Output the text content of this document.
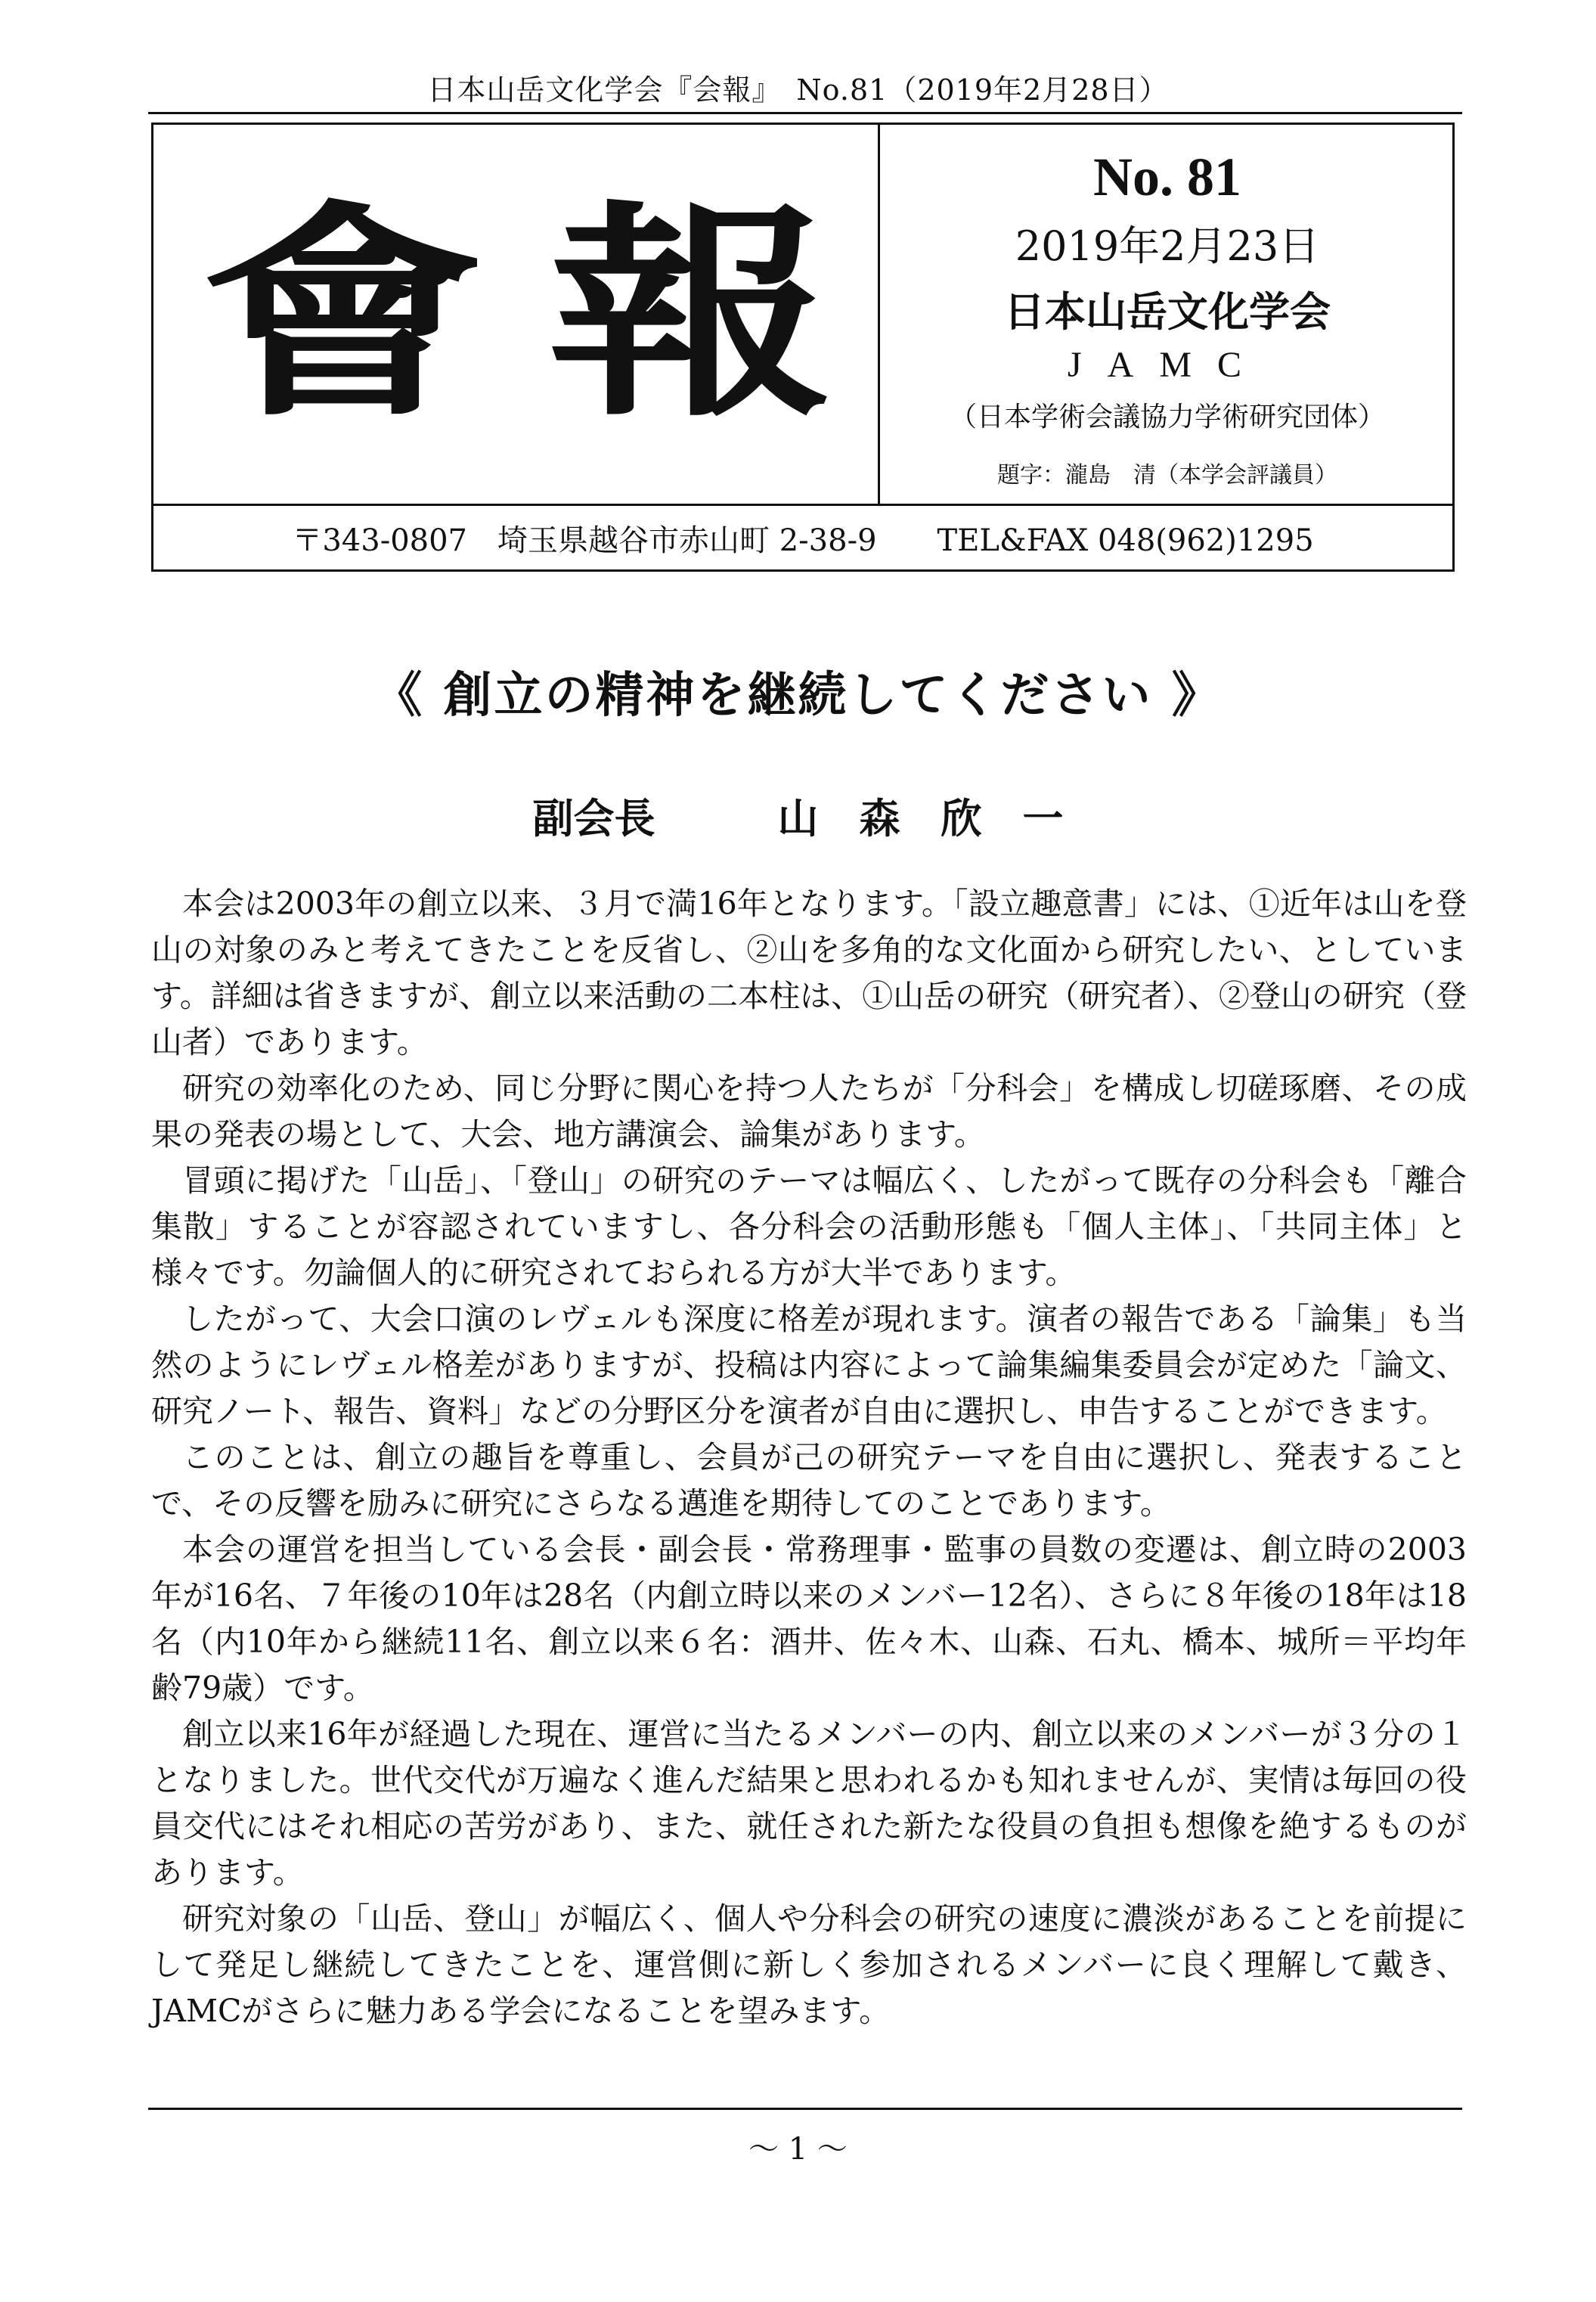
日本山岳文化学会『会報』　No.81（2019年2月28日）
會 報
No. 81
2019年2月23日
日本山岳文化学会
JAMC
（日本学術会議協力学術研究団体）
題字：瀧島　清（本学会評議員）
〒343-0807　埼玉県越谷市赤山町 2-38-9　　TEL&FAX 048(962)1295
《 創立の精神を継続してください 》
副会長　　　山　森　欣　一

本会は2003年の創立以来、３月で満16年となります。「設立趣意書」には、①近年は山を登山の対象のみと考えてきたことを反省し、②山を多角的な文化面から研究したい、としています。詳細は省きますが、創立以来活動の二本柱は、①山岳の研究（研究者）、②登山の研究（登山者）であります。

研究の効率化のため、同じ分野に関心を持つ人たちが「分科会」を構成し切磋琢磨、その成果の発表の場として、大会、地方講演会、論集があります。

冒頭に掲げた「山岳」、「登山」の研究のテーマは幅広く、したがって既存の分科会も「離合集散」することが容認されていますし、各分科会の活動形態も「個人主体」、「共同主体」と様々です。勿論個人的に研究されておられる方が大半であります。

したがって、大会口演のレヴェルも深度に格差が現れます。演者の報告である「論集」も当然のようにレヴェル格差がありますが、投稿は内容によって論集編集委員会が定めた「論文、研究ノート、報告、資料」などの分野区分を演者が自由に選択し、申告することができます。

このことは、創立の趣旨を尊重し、会員が己の研究テーマを自由に選択し、発表することで、その反響を励みに研究にさらなる邁進を期待してのことであります。

本会の運営を担当している会長・副会長・常務理事・監事の員数の変遷は、創立時の2003年が16名、７年後の10年は28名（内創立時以来のメンバー12名）、さらに８年後の18年は18名（内10年から継続11名、創立以来６名：酒井、佐々木、山森、石丸、橋本、城所＝平均年齢79歳）です。

創立以来16年が経過した現在、運営に当たるメンバーの内、創立以来のメンバーが３分の１となりました。世代交代が万遍なく進んだ結果と思われるかも知れませんが、実情は毎回の役員交代にはそれ相応の苦労があり、また、就任された新たな役員の負担も想像を絶するものがあります。

研究対象の「山岳、登山」が幅広く、個人や分科会の研究の速度に濃淡があることを前提にして発足し継続してきたことを、運営側に新しく参加されるメンバーに良く理解して戴き、JAMCがさらに魅力ある学会になることを望みます。

～ 1 ～
